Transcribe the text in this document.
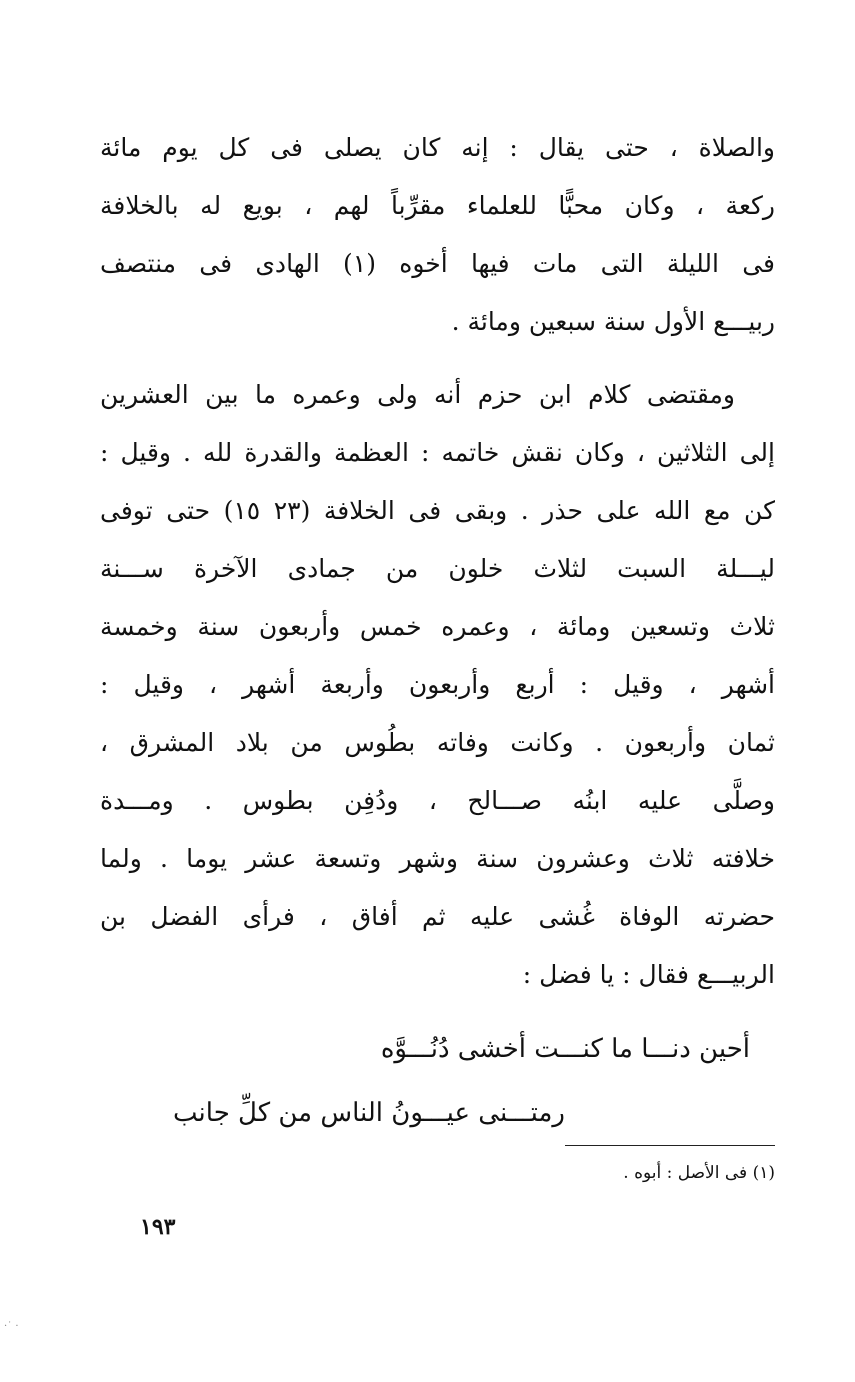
والصلاة ، حتى يقال : إنه كان يصلى فى كل يوم مائة
ركعة ، وكان محبًّا للعلماء مقرِّباً لهم ، بويع له بالخلافة
فى الليلة التى مات فيها أخوه (١) الهادى فى منتصف
ربيـــع الأول سنة سبعين ومائة .
ومقتضى كلام ابن حزم أنه ولى وعمره ما بين العشرين
إلى الثلاثين ، وكان نقش خاتمه : العظمة والقدرة لله . وقيل :
كن مع الله على حذر . وبقى فى الخلافة (٢٣ ١٥) حتى توفى
ليـــلة السبت لثلاث خلون من جمادى الآخرة ســـنة
ثلاث وتسعين ومائة ، وعمره خمس وأربعون سنة وخمسة
أشهر ، وقيل : أربع وأربعون وأربعة أشهر ، وقيل :
ثمان وأربعون . وكانت وفاته بطُوس من بلاد المشرق ،
وصلَّى عليه ابنُه صـــالح ، ودُفِن بطوس . ومـــدة
خلافته ثلاث وعشرون سنة وشهر وتسعة عشر يوما . ولما
حضرته الوفاة غُشى عليه ثم أفاق ، فرأى الفضل بن
الربيـــع فقال : يا فضل :
أحين دنـــا ما كنـــت أخشى دُنُـــوَّه
رمتـــنى عيـــونُ الناس من كلِّ جانب
(١) فى الأصل : أبوه .
١٩٣
·˙ ·
